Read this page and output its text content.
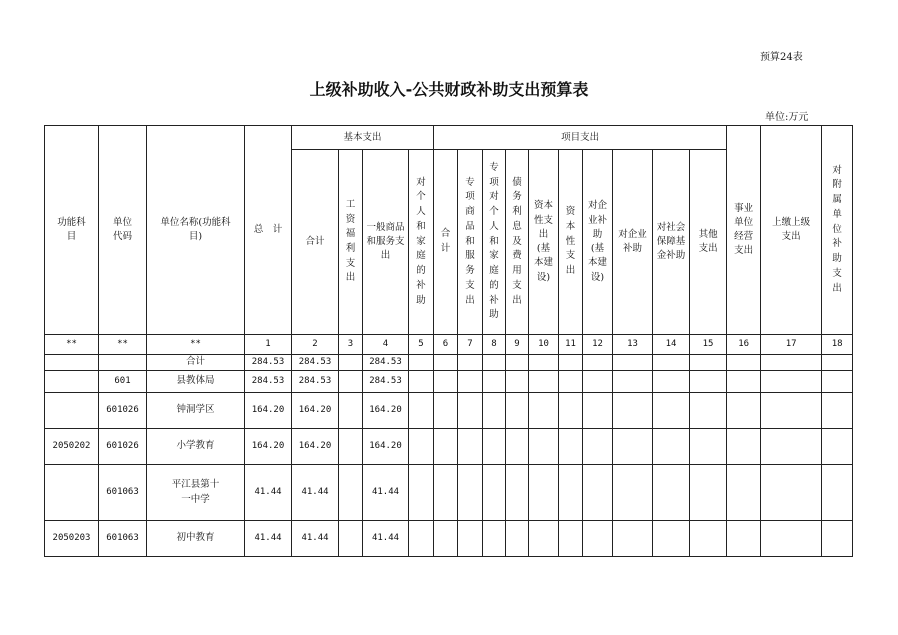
预算24表
上级补助收入-公共财政补助支出预算表
单位:万元
功能科目	单位代码	单位名称(功能科目)	总　计	基本支出				项目支出										事业单位经营支出	上缴上级支出	对附属单位补助支出
				合计	工资福利支出	一般商品和服务支出	对个人和家庭的补助	合计	专项商品和服务支出	专项对个人和家庭的补助	债务利息及费用支出	资本性支出(基本建设)	资本性支出	对企业补助(基本建设)	对企业补助	对社会保障基金补助	其他支出			
**	**	**	1	2	3	4	5	6	7	8	9	10	11	12	13	14	15	16	17	18
		合计	284.53	284.53		284.53														
	601	县教体局	284.53	284.53		284.53														
	601026	钟洞学区	164.20	164.20		164.20														
2050202	601026	小学教育	164.20	164.20		164.20														
	601063	平江县第十一中学	41.44	41.44		41.44														
2050203	601063	初中教育	41.44	41.44		41.44														
